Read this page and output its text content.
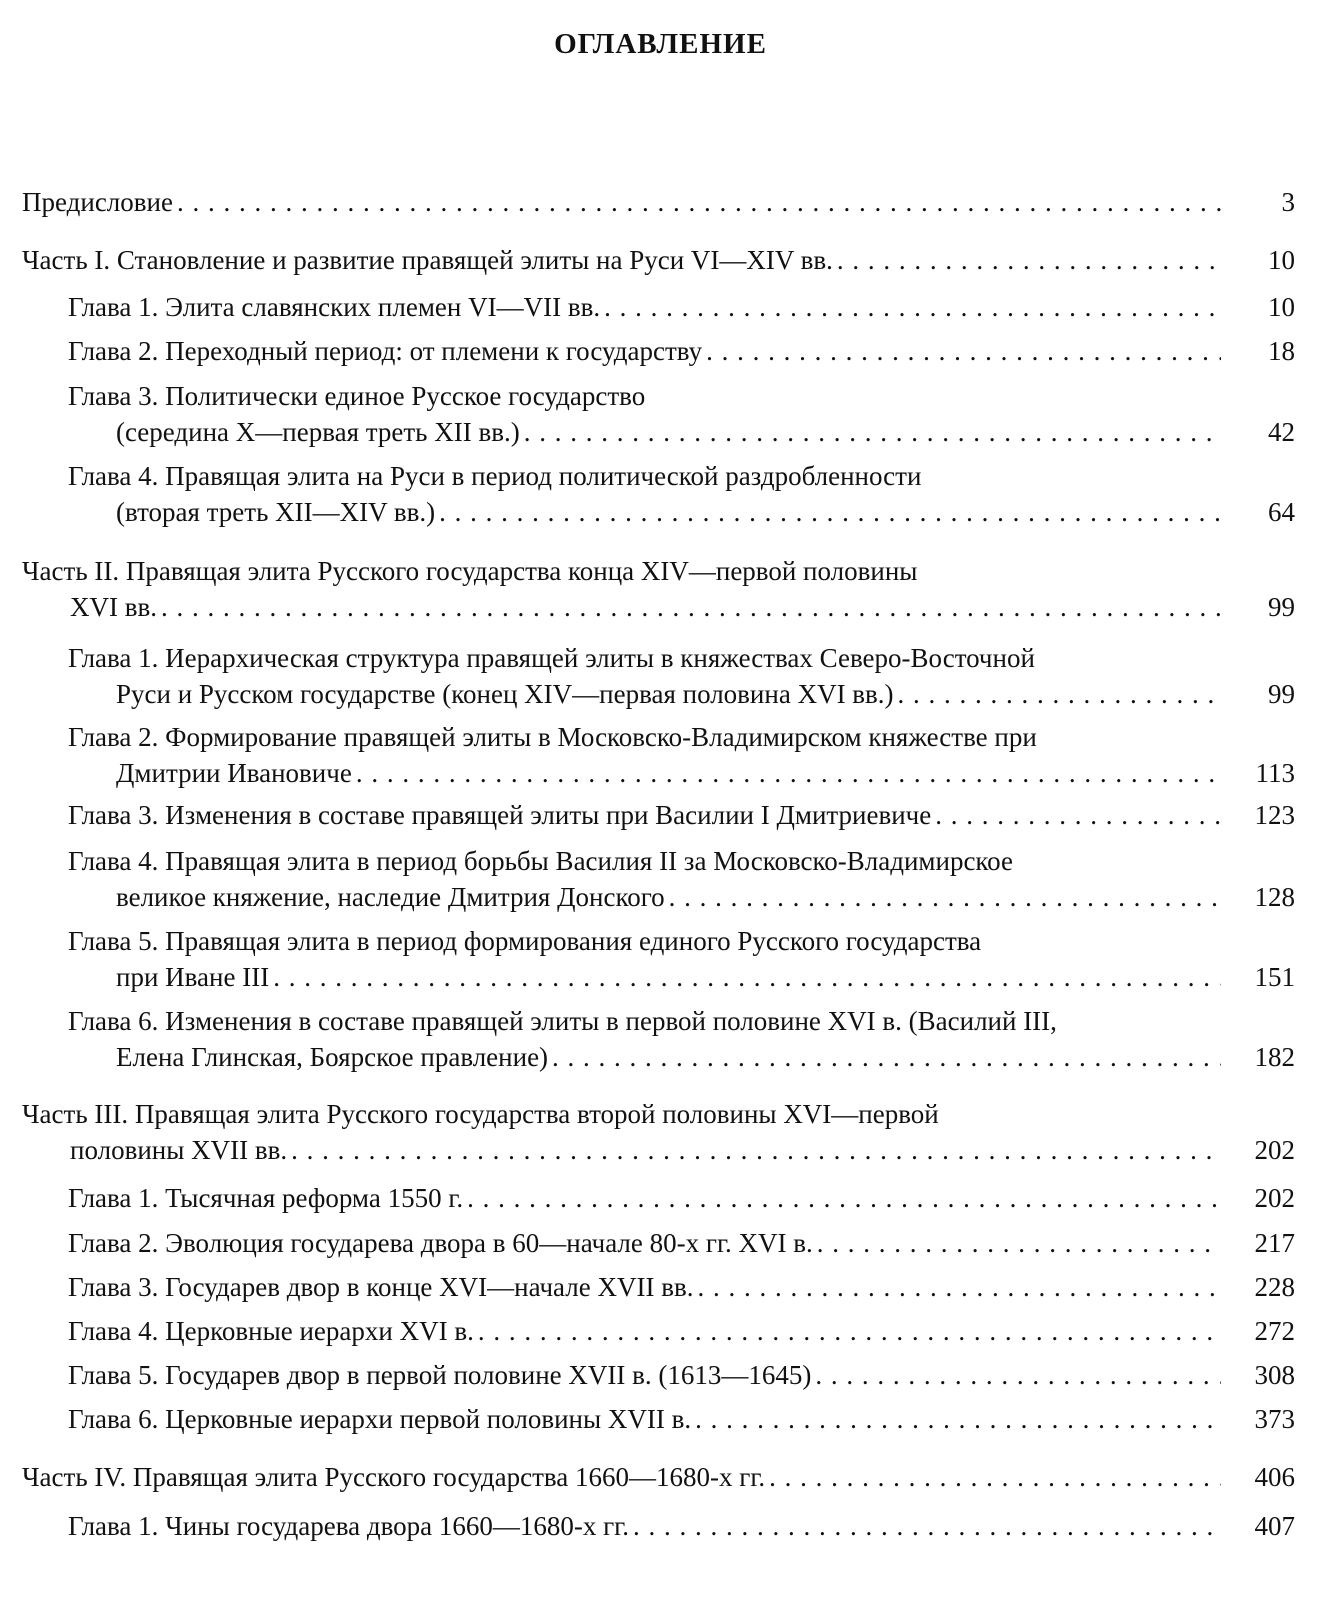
ОГЛАВЛЕНИЕ
Предисловие . . .	3
Часть I. Становление и развитие правящей элиты на Руси VI—XIV вв. . . .	10
Глава 1. Элита славянских племен VI—VII вв. . . .	10
Глава 2. Переходный период: от племени к государству . . .	18
Глава 3. Политически единое Русское государство
(середина X—первая треть XII вв.) . . .	42
Глава 4. Правящая элита на Руси в период политической раздробленности
(вторая треть XII—XIV вв.) . . .	64
Часть II. Правящая элита Русского государства конца XIV—первой половины
XVI вв. . . .	99
Глава 1. Иерархическая структура правящей элиты в княжествах Северо-Восточной
Руси и Русском государстве (конец XIV—первая половина XVI вв.) . . .	99
Глава 2. Формирование правящей элиты в Московско-Владимирском княжестве при
Дмитрии Ивановиче . . .	113
Глава 3. Изменения в составе правящей элиты при Василии I Дмитриевиче . . .	123
Глава 4. Правящая элита в период борьбы Василия II за Московско-Владимирское
великое княжение, наследие Дмитрия Донского . . .	128
Глава 5. Правящая элита в период формирования единого Русского государства
при Иване III . . .	151
Глава 6. Изменения в составе правящей элиты в первой половине XVI в. (Василий III,
Елена Глинская, Боярское правление) . . .	182
Часть III. Правящая элита Русского государства второй половины XVI—первой
половины XVII вв. . . .	202
Глава 1. Тысячная реформа 1550 г. . . .	202
Глава 2. Эволюция государева двора в 60—начале 80-х гг. XVI в. . . .	217
Глава 3. Государев двор в конце XVI—начале XVII вв. . . .	228
Глава 4. Церковные иерархи XVI в. . . .	272
Глава 5. Государев двор в первой половине XVII в. (1613—1645) . . .	308
Глава 6. Церковные иерархи первой половины XVII в. . . .	373
Часть IV. Правящая элита Русского государства 1660—1680-х гг. . . .	406
Глава 1. Чины государева двора 1660—1680-х гг. . . .	407
